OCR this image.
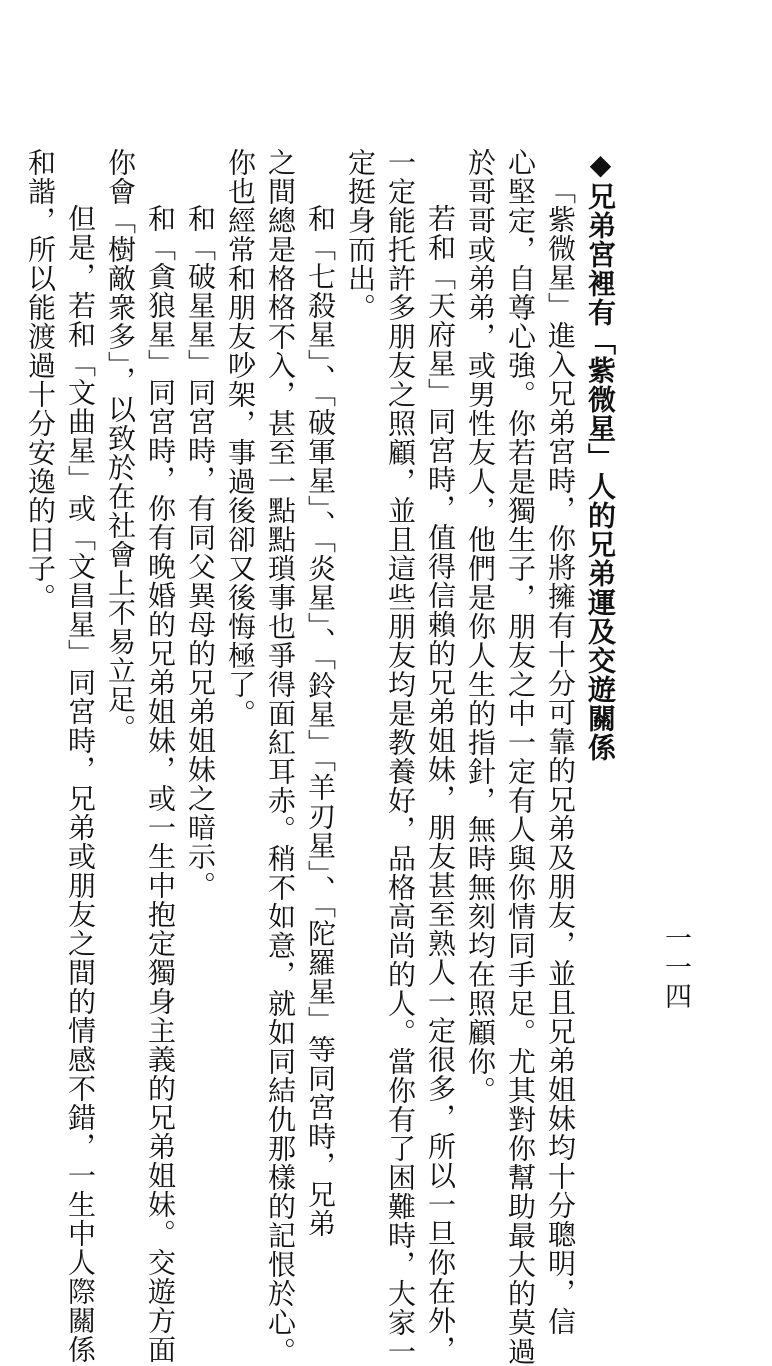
一一四
◆兄弟宮裡有「紫微星」人的兄弟運及交遊關係
「紫微星」進入兄弟宮時，你將擁有十分可靠的兄弟及朋友，並且兄弟姐妹均十分聰明，信
心堅定，自尊心強。你若是獨生子，朋友之中一定有人與你情同手足。尤其對你幫助最大的莫過
於哥哥或弟弟，或男性友人，他們是你人生的指針，無時無刻均在照顧你。
若和「天府星」同宮時，值得信賴的兄弟姐妹，朋友甚至熟人一定很多，所以一旦你在外，
一定能托許多朋友之照顧，並且這些朋友均是教養好，品格高尚的人。當你有了困難時，大家一
定挺身而出。
和「七殺星」、「破軍星」、「炎星」、「鈴星」「羊刃星」、「陀羅星」等同宮時，兄弟
之間總是格格不入，甚至一點點瑣事也爭得面紅耳赤。稍不如意，就如同結仇那樣的記恨於心。
你也經常和朋友吵架，事過後卻又後悔極了。
和「破星星」同宮時，有同父異母的兄弟姐妹之暗示。
和「貪狼星」同宮時，你有晚婚的兄弟姐妹，或一生中抱定獨身主義的兄弟姐妹。交遊方面
你會「樹敵衆多」，以致於在社會上不易立足。
但是，若和「文曲星」或「文昌星」同宮時，兄弟或朋友之間的情感不錯，一生中人際關係
和諧，所以能渡過十分安逸的日子。
